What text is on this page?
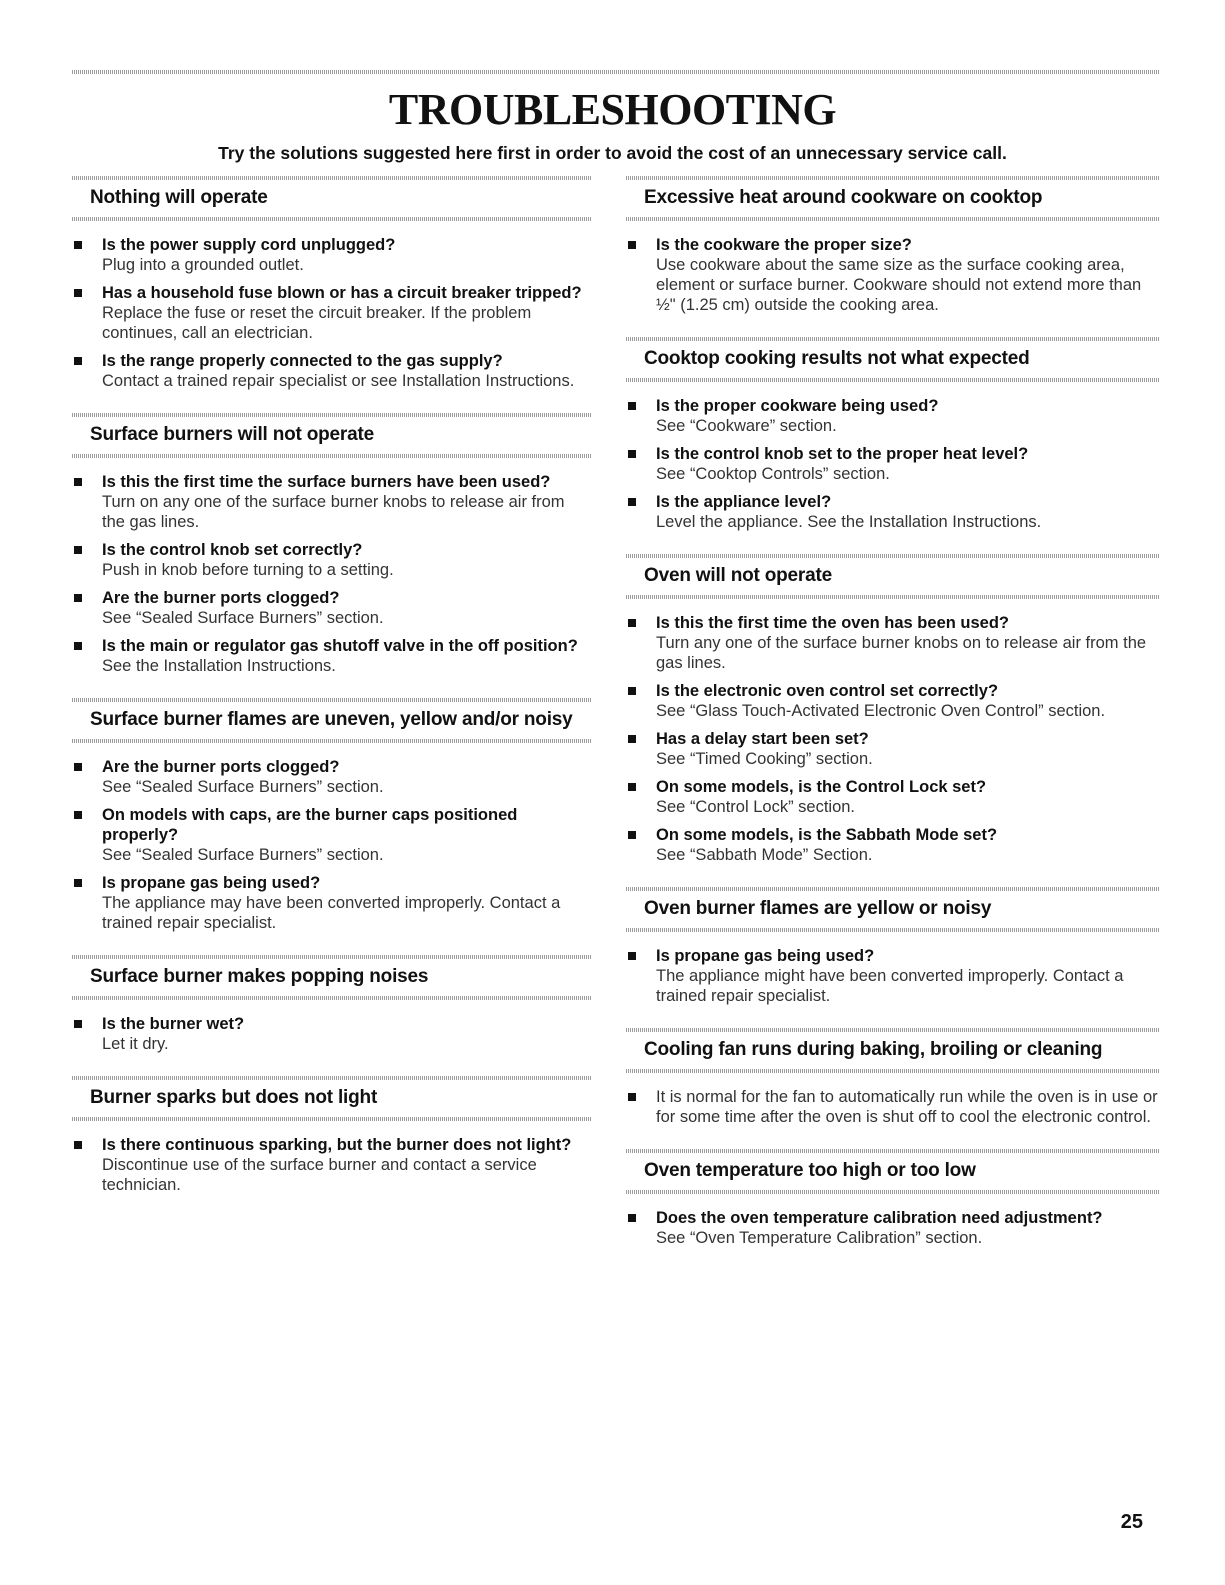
TROUBLESHOOTING
Try the solutions suggested here first in order to avoid the cost of an unnecessary service call.
Nothing will operate
Is the power supply cord unplugged?
Plug into a grounded outlet.
Has a household fuse blown or has a circuit breaker tripped?
Replace the fuse or reset the circuit breaker. If the problem continues, call an electrician.
Is the range properly connected to the gas supply?
Contact a trained repair specialist or see Installation Instructions.
Surface burners will not operate
Is this the first time the surface burners have been used?
Turn on any one of the surface burner knobs to release air from the gas lines.
Is the control knob set correctly?
Push in knob before turning to a setting.
Are the burner ports clogged?
See “Sealed Surface Burners” section.
Is the main or regulator gas shutoff valve in the off position?
See the Installation Instructions.
Surface burner flames are uneven, yellow and/or noisy
Are the burner ports clogged?
See “Sealed Surface Burners” section.
On models with caps, are the burner caps positioned properly?
See “Sealed Surface Burners” section.
Is propane gas being used?
The appliance may have been converted improperly. Contact a trained repair specialist.
Surface burner makes popping noises
Is the burner wet?
Let it dry.
Burner sparks but does not light
Is there continuous sparking, but the burner does not light?
Discontinue use of the surface burner and contact a service technician.
Excessive heat around cookware on cooktop
Is the cookware the proper size?
Use cookware about the same size as the surface cooking area, element or surface burner. Cookware should not extend more than ½" (1.25 cm) outside the cooking area.
Cooktop cooking results not what expected
Is the proper cookware being used?
See “Cookware” section.
Is the control knob set to the proper heat level?
See “Cooktop Controls” section.
Is the appliance level?
Level the appliance. See the Installation Instructions.
Oven will not operate
Is this the first time the oven has been used?
Turn any one of the surface burner knobs on to release air from the gas lines.
Is the electronic oven control set correctly?
See “Glass Touch-Activated Electronic Oven Control” section.
Has a delay start been set?
See “Timed Cooking” section.
On some models, is the Control Lock set?
See “Control Lock” section.
On some models, is the Sabbath Mode set?
See “Sabbath Mode” Section.
Oven burner flames are yellow or noisy
Is propane gas being used?
The appliance might have been converted improperly. Contact a trained repair specialist.
Cooling fan runs during baking, broiling or cleaning
It is normal for the fan to automatically run while the oven is in use or for some time after the oven is shut off to cool the electronic control.
Oven temperature too high or too low
Does the oven temperature calibration need adjustment?
See “Oven Temperature Calibration” section.
25
